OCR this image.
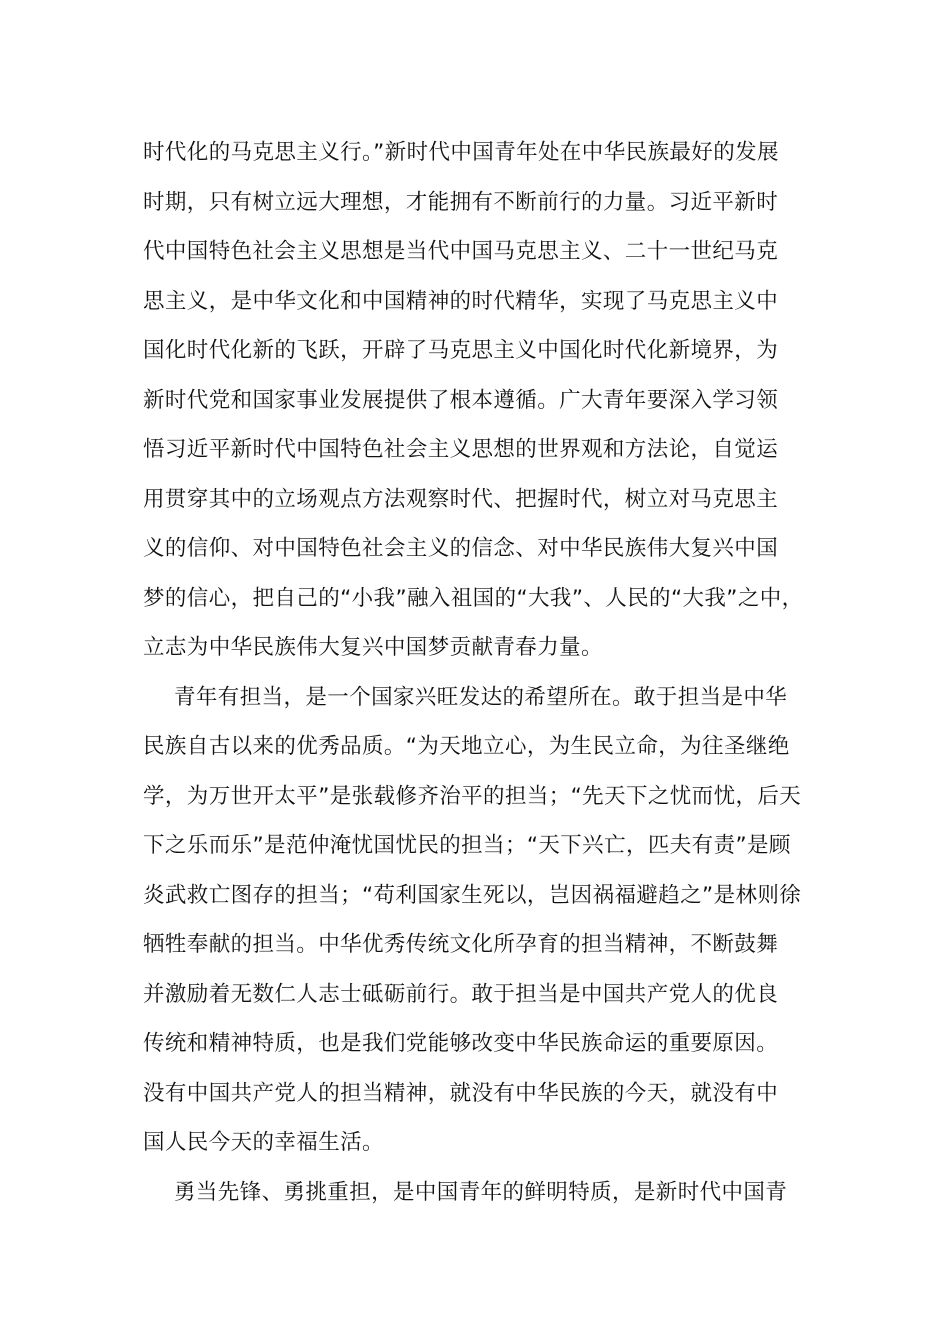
时代化的马克思主义行。”新时代中国青年处在中华民族最好的发展
时期，只有树立远大理想，才能拥有不断前行的力量。习近平新时
代中国特色社会主义思想是当代中国马克思主义、二十一世纪马克
思主义，是中华文化和中国精神的时代精华，实现了马克思主义中
国化时代化新的飞跃，开辟了马克思主义中国化时代化新境界，为
新时代党和国家事业发展提供了根本遵循。广大青年要深入学习领
悟习近平新时代中国特色社会主义思想的世界观和方法论，自觉运
用贯穿其中的立场观点方法观察时代、把握时代，树立对马克思主
义的信仰、对中国特色社会主义的信念、对中华民族伟大复兴中国
梦的信心，把自己的“小我”融入祖国的“大我”、人民的“大我”之中，
立志为中华民族伟大复兴中国梦贡献青春力量。
青年有担当，是一个国家兴旺发达的希望所在。敢于担当是中华
民族自古以来的优秀品质。“为天地立心，为生民立命，为往圣继绝
学，为万世开太平”是张载修齐治平的担当；“先天下之忧而忧，后天
下之乐而乐”是范仲淹忧国忧民的担当；“天下兴亡，匹夫有责”是顾
炎武救亡图存的担当；“苟利国家生死以，岂因祸福避趋之”是林则徐
牺牲奉献的担当。中华优秀传统文化所孕育的担当精神，不断鼓舞
并激励着无数仁人志士砥砺前行。敢于担当是中国共产党人的优良
传统和精神特质，也是我们党能够改变中华民族命运的重要原因。
没有中国共产党人的担当精神，就没有中华民族的今天，就没有中
国人民今天的幸福生活。
勇当先锋、勇挑重担，是中国青年的鲜明特质，是新时代中国青
